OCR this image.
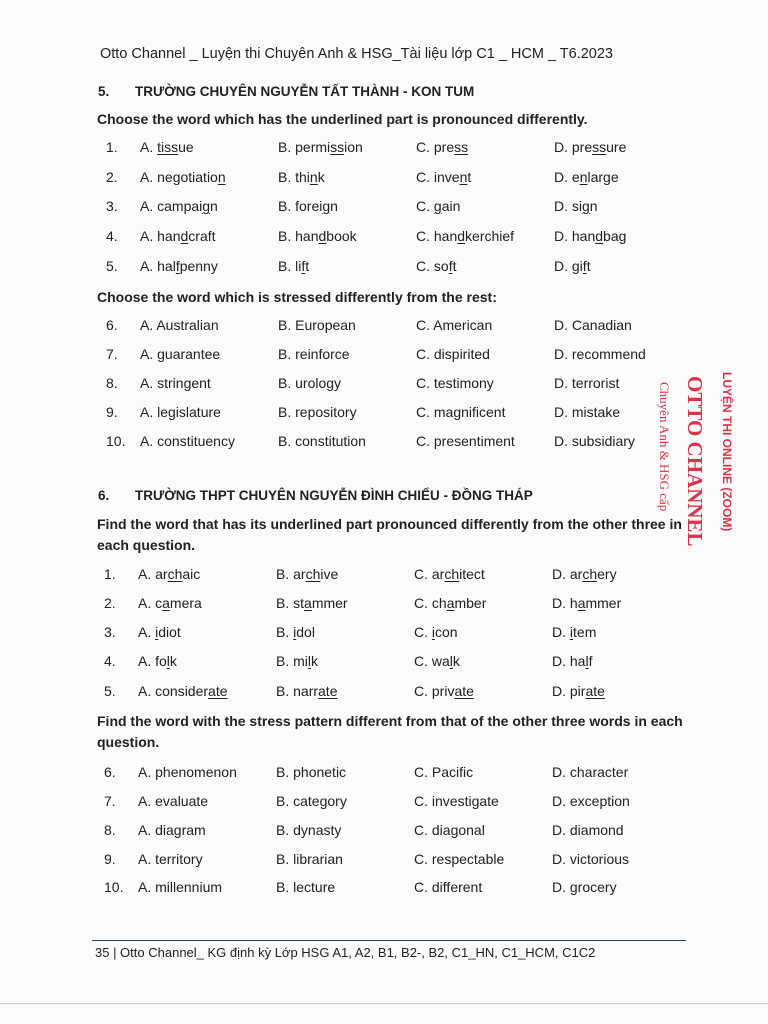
Otto Channel _ Luyện thi Chuyên Anh & HSG_Tài liệu lớp C1 _ HCM _ T6.2023
5. TRƯỜNG CHUYÊN NGUYỄN TẤT THÀNH - KON TUM
Choose the word which has the underlined part is pronounced differently.
1. A. tissue	B. permission	C. press	D. pressure
2. A. negotiation	B. think	C. invent	D. enlarge
3. A. campaign	B. foreign	C. gain	D. sign
4. A. handcraft	B. handbook	C. handkerchief	D. handbag
5. A. halfpenny	B. lift	C. soft	D. gift
Choose the word which is stressed differently from the rest:
6. A. Australian	B. European	C. American	D. Canadian
7. A. guarantee	B. reinforce	C. dispirited	D. recommend
8. A. stringent	B. urology	C. testimony	D. terrorist
9. A. legislature	B. repository	C. magnificent	D. mistake
10. A. constituency	B. constitution	C. presentiment	D. subsidiary
6. TRƯỜNG THPT CHUYÊN NGUYỄN ĐÌNH CHIỂU - ĐỒNG THÁP
Find the word that has its underlined part pronounced differently from the other three in each question.
1. A. archaic	B. archive	C. architect	D. archery
2. A. camera	B. stammer	C. chamber	D. hammer
3. A. idiot	B. idol	C. icon	D. item
4. A. folk	B. milk	C. walk	D. half
5. A. considerate	B. narrate	C. private	D. pirate
Find the word with the stress pattern different from that of the other three words in each question.
6. A. phenomenon	B. phonetic	C. Pacific	D. character
7. A. evaluate	B. category	C. investigate	D. exception
8. A. diagram	B. dynasty	C. diagonal	D. diamond
9. A. territory	B. librarian	C. respectable	D. victorious
10. A. millennium	B. lecture	C. different	D. grocery
LUYỆN THI ONLINE (ZOOM)
OTTO CHANNEL
Chuyên Anh & HSG cấp
35 | Otto Channel_ KG định kỳ Lớp HSG A1, A2, B1, B2-, B2, C1_HN, C1_HCM, C1C2
